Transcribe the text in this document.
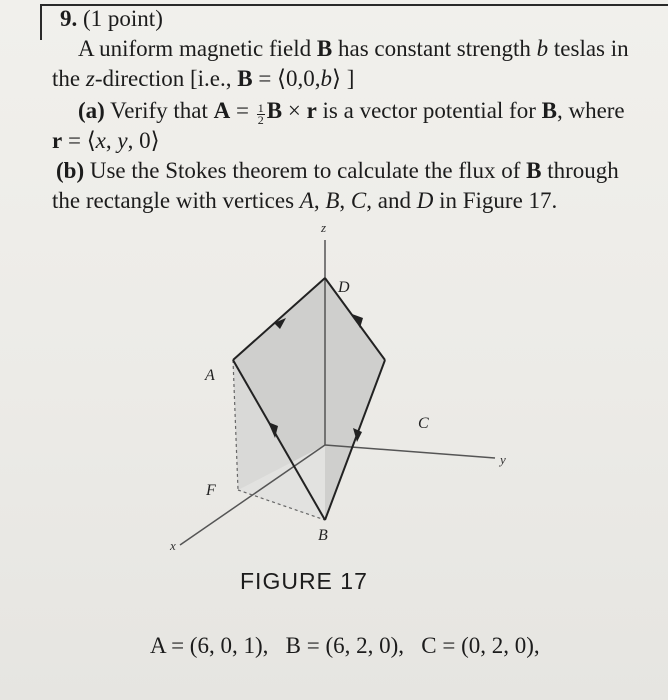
9. (1 point)
A uniform magnetic field B has constant strength b teslas in
the z-direction [i.e., B = ⟨0,0,b⟩ ]
(a) Verify that $A = \frac{1}{2}$ B × r is a vector potential for B, where
r = ⟨x, y, 0⟩
(b) Use the Stokes theorem to calculate the flux of B through
the rectangle with vertices A, B, C, and D in Figure 17.
z
y
x
D
A
C
F
B
FIGURE 17
A = (6, 0, 1), B = (6, 2, 0), C = (0, 2, 0),
